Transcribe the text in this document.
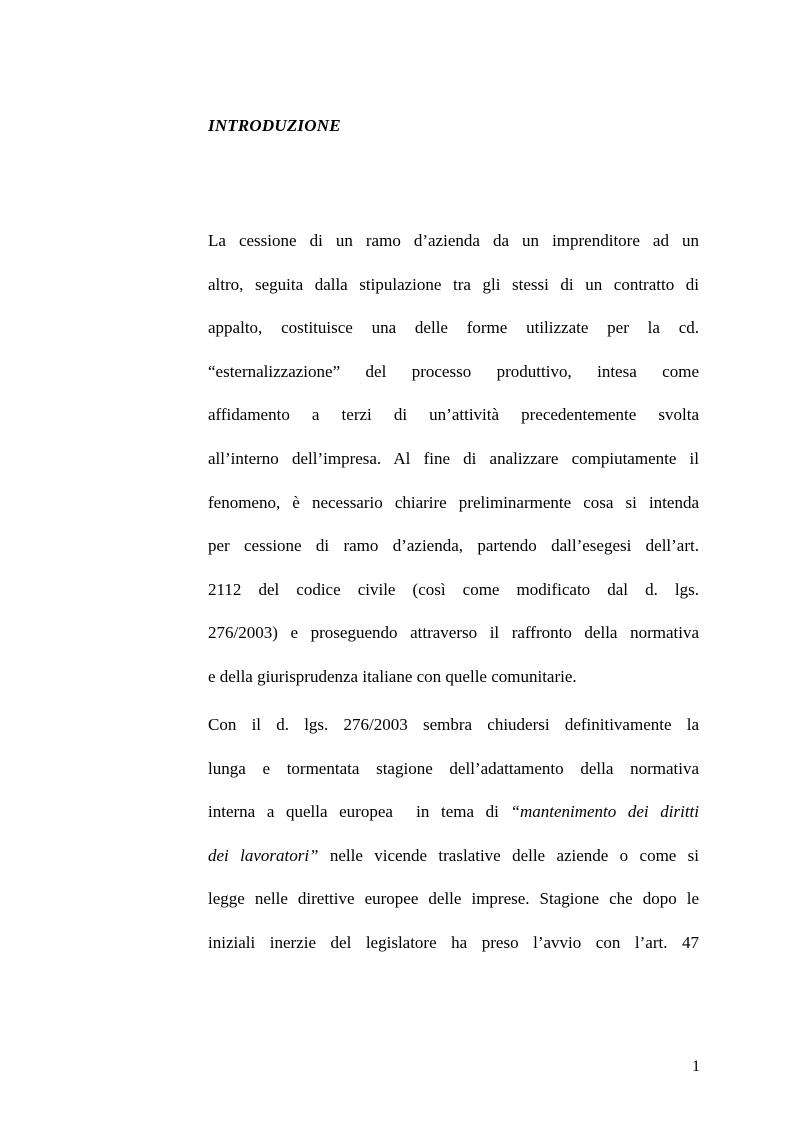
INTRODUZIONE
La cessione di un ramo d’azienda da un imprenditore ad un
altro, seguita dalla stipulazione tra gli stessi di un contratto di
appalto, costituisce una delle forme utilizzate per la cd.
“esternalizzazione” del processo produttivo, intesa come
affidamento a terzi di un’attività precedentemente svolta
all’interno dell’impresa. Al fine di analizzare compiutamente il
fenomeno, è necessario chiarire preliminarmente cosa si intenda
per cessione di ramo d’azienda, partendo dall’esegesi dell’art.
2112 del codice civile (così come modificato dal d. lgs.
276/2003) e proseguendo attraverso il raffronto della normativa
e della giurisprudenza italiane con quelle comunitarie.
Con il d. lgs. 276/2003 sembra chiudersi definitivamente la
lunga e tormentata stagione dell’adattamento della normativa
interna a quella europea  in tema di “mantenimento dei diritti
dei lavoratori” nelle vicende traslative delle aziende o come si
legge nelle direttive europee delle imprese. Stagione che dopo le
iniziali inerzie del legislatore ha preso l’avvio con l’art. 47
1
